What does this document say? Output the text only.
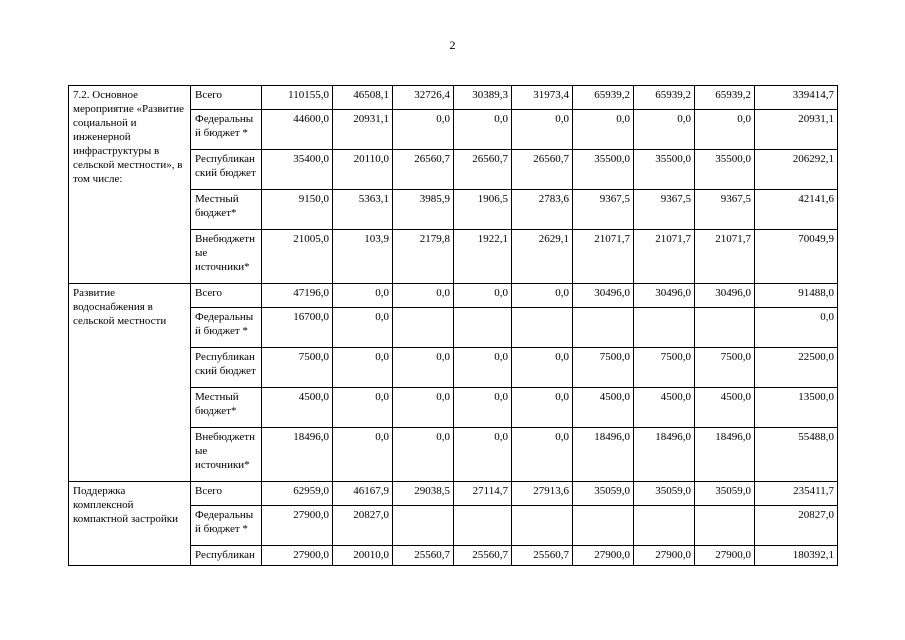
2
7.2. Основное мероприятие «Развитие социальной и инженерной инфраструктуры в сельской местности», в том числе:	Всего	110155,0	46508,1	32726,4	30389,3	31973,4	65939,2	65939,2	65939,2	339414,7
	Федеральны й бюджет *	44600,0	20931,1	0,0	0,0	0,0	0,0	0,0	0,0	20931,1
	Республикан ский бюджет	35400,0	20110,0	26560,7	26560,7	26560,7	35500,0	35500,0	35500,0	206292,1
	Местный бюджет*	9150,0	5363,1	3985,9	1906,5	2783,6	9367,5	9367,5	9367,5	42141,6
	Внебюджетн ые источники*	21005,0	103,9	2179,8	1922,1	2629,1	21071,7	21071,7	21071,7	70049,9
Развитие водоснабжения в сельской местности	Всего	47196,0	0,0	0,0	0,0	0,0	30496,0	30496,0	30496,0	91488,0
	Федеральны й бюджет *	16700,0	0,0							0,0
	Республикан ский бюджет	7500,0	0,0	0,0	0,0	0,0	7500,0	7500,0	7500,0	22500,0
	Местный бюджет*	4500,0	0,0	0,0	0,0	0,0	4500,0	4500,0	4500,0	13500,0
	Внебюджетн ые источники*	18496,0	0,0	0,0	0,0	0,0	18496,0	18496,0	18496,0	55488,0
Поддержка комплексной компактной застройки	Всего	62959,0	46167,9	29038,5	27114,7	27913,6	35059,0	35059,0	35059,0	235411,7
	Федеральны й бюджет *	27900,0	20827,0							20827,0
	Республикан	27900,0	20010,0	25560,7	25560,7	25560,7	27900,0	27900,0	27900,0	180392,1
